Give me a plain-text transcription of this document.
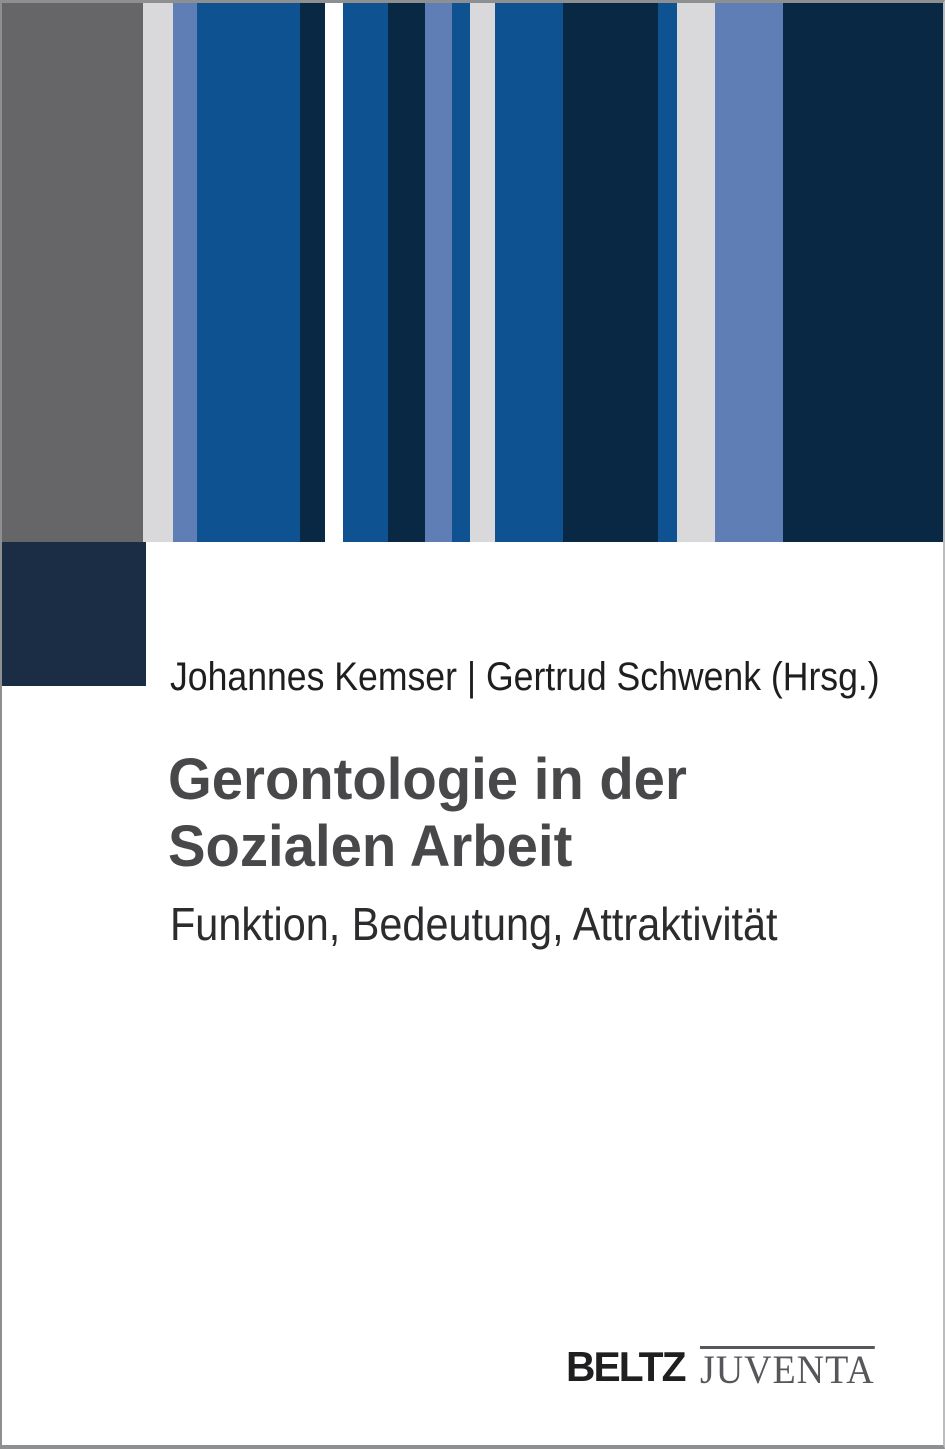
Johannes Kemser | Gertrud Schwenk (Hrsg.)
Gerontologie in der
Sozialen Arbeit
Funktion, Bedeutung, Attraktivität
BELTZ JUVENTA
